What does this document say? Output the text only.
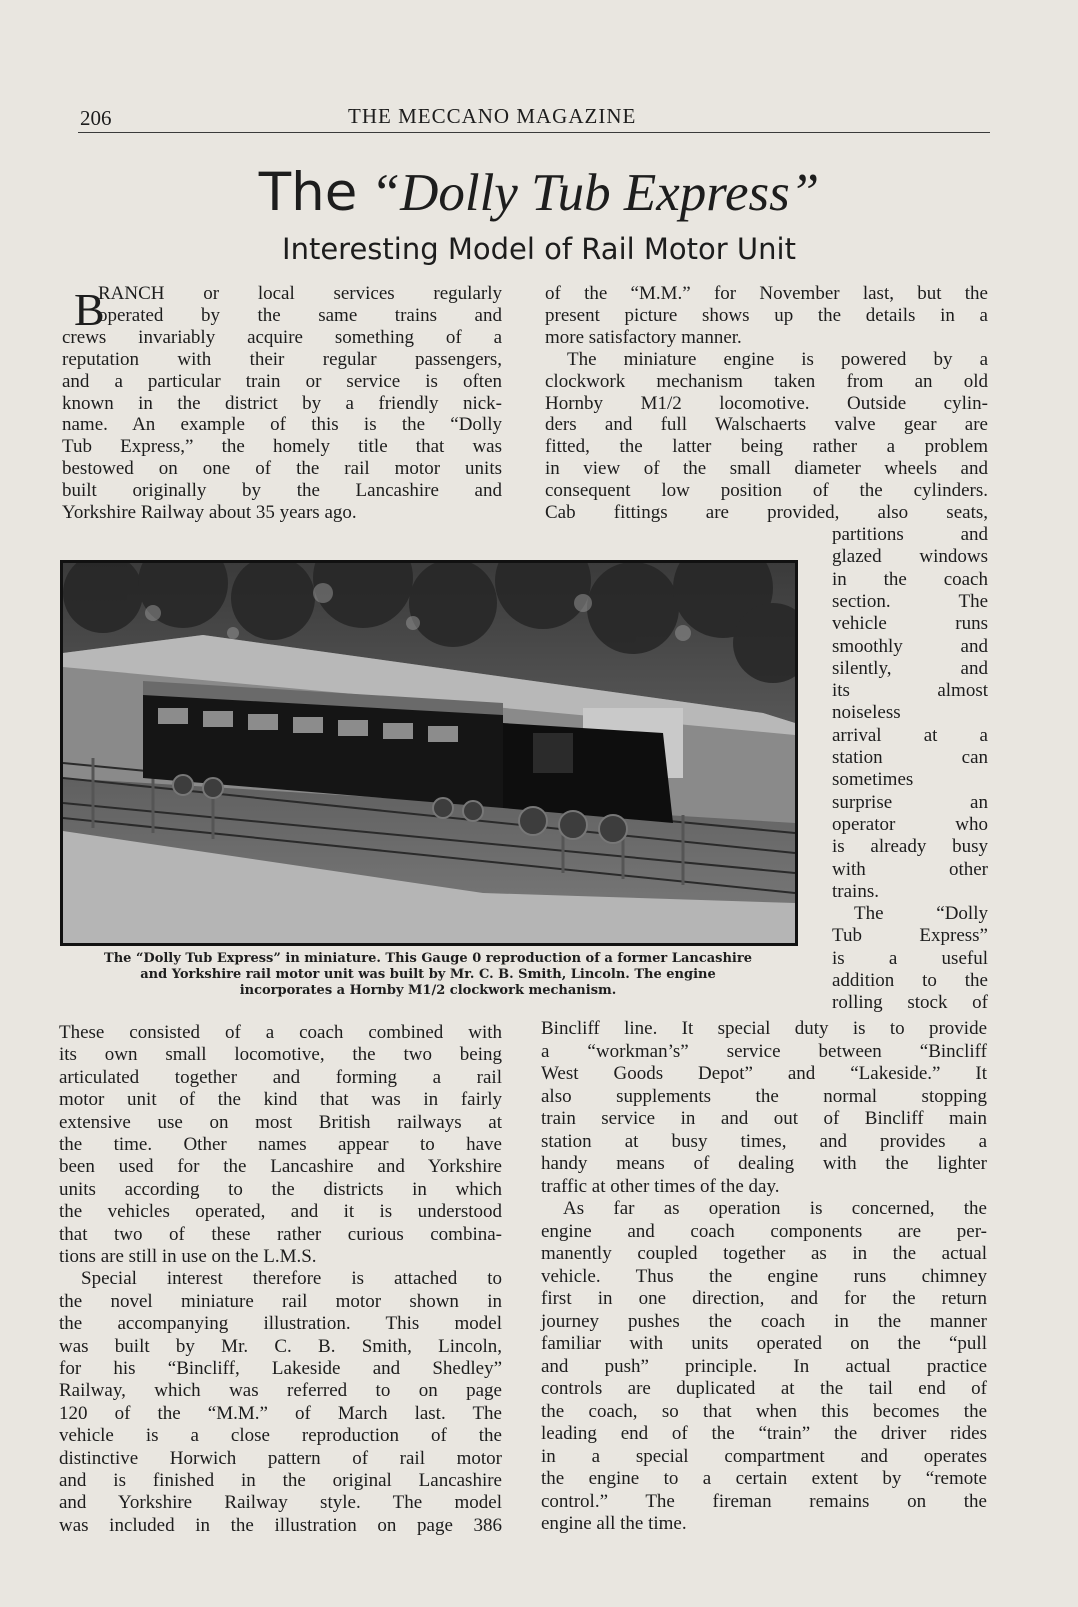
206	THE MECCANO MAGAZINE
The “Dolly Tub Express”
Interesting Model of Rail Motor Unit
B
RANCH or local services regularly
operated by the same trains and
crews invariably acquire something of a
reputation with their regular passengers,
and a particular train or service is often
known in the district by a friendly nick-
name. An example of this is the “Dolly
Tub Express,” the homely title that was
bestowed on one of the rail motor units
built originally by the Lancashire and
Yorkshire Railway about 35 years ago.
of the “M.M.” for November last, but the
present picture shows up the details in a
more satisfactory manner.
The miniature engine is powered by a
clockwork mechanism taken from an old
Hornby M1/2 locomotive. Outside cylin-
ders and full Walschaerts valve gear are
fitted, the latter being rather a problem
in view of the small diameter wheels and
consequent low position of the cylinders.
Cab fittings are provided, also seats,
partitions and
glazed windows
in the coach
section. The
vehicle runs
smoothly and
silently, and
its almost
noiseless
arrival at a
station can
sometimes
surprise an
operator who
is already busy
with other
trains.
The “Dolly
Tub Express”
is a useful
addition to the
rolling stock of
The “Dolly Tub Express” in miniature. This Gauge 0 reproduction of a former Lancashire
and Yorkshire rail motor unit was built by Mr. C. B. Smith, Lincoln. The engine
incorporates a Hornby M1/2 clockwork mechanism.
These consisted of a coach combined with
its own small locomotive, the two being
articulated together and forming a rail
motor unit of the kind that was in fairly
extensive use on most British railways at
the time. Other names appear to have
been used for the Lancashire and Yorkshire
units according to the districts in which
the vehicles operated, and it is understood
that two of these rather curious combina-
tions are still in use on the L.M.S.
Special interest therefore is attached to
the novel miniature rail motor shown in
the accompanying illustration. This model
was built by Mr. C. B. Smith, Lincoln,
for his “Bincliff, Lakeside and Shedley”
Railway, which was referred to on page
120 of the “M.M.” of March last. The
vehicle is a close reproduction of the
distinctive Horwich pattern of rail motor
and is finished in the original Lancashire
and Yorkshire Railway style. The model
was included in the illustration on page 386
Bincliff line. It special duty is to provide
a “workman’s” service between “Bincliff
West Goods Depot” and “Lakeside.” It
also supplements the normal stopping
train service in and out of Bincliff main
station at busy times, and provides a
handy means of dealing with the lighter
traffic at other times of the day.
As far as operation is concerned, the
engine and coach components are per-
manently coupled together as in the actual
vehicle. Thus the engine runs chimney
first in one direction, and for the return
journey pushes the coach in the manner
familiar with units operated on the “pull
and push” principle. In actual practice
controls are duplicated at the tail end of
the coach, so that when this becomes the
leading end of the “train” the driver rides
in a special compartment and operates
the engine to a certain extent by “remote
control.” The fireman remains on the
engine all the time.
